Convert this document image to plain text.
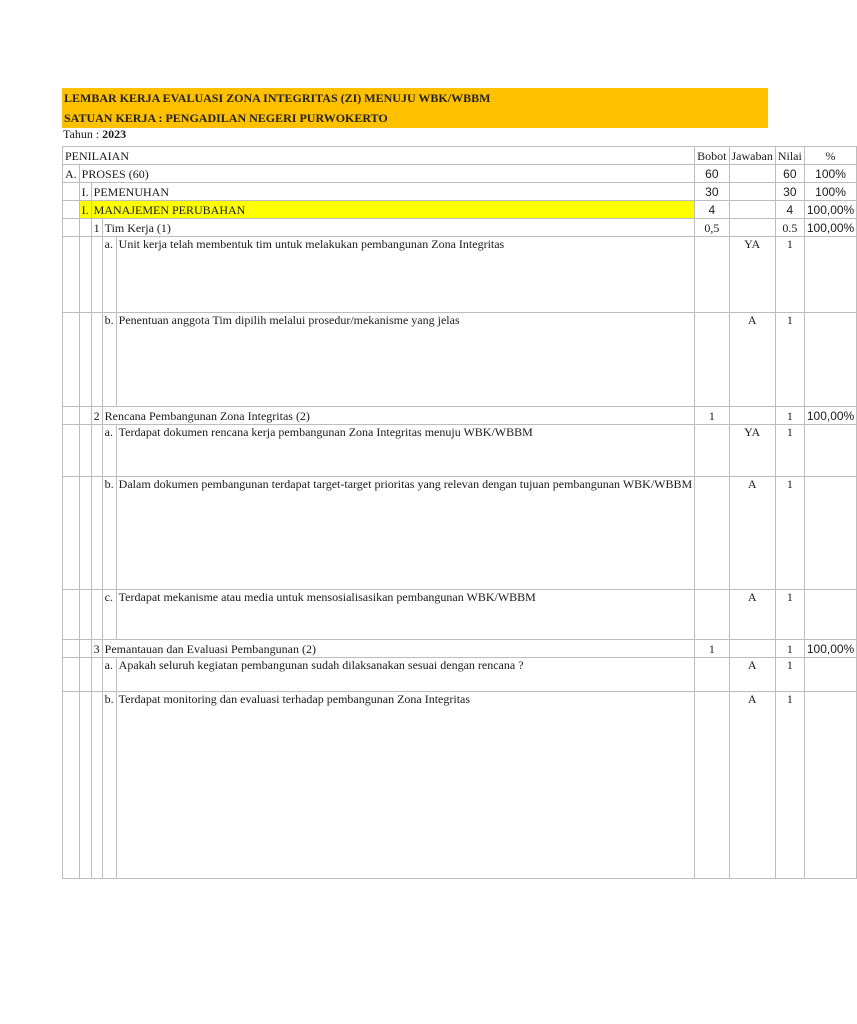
LEMBAR KERJA EVALUASI ZONA INTEGRITAS (ZI) MENUJU WBK/WBBM
SATUAN KERJA : PENGADILAN NEGERI PURWOKERTO
Tahun : 2023
PENILAIAN					Bobot	Jawaban	Nilai	%
A.	PROSES (60)				60		60	100%
	I.	PEMENUHAN			30		30	100%
	I.	MANAJEMEN PERUBAHAN			4		4	100,00%
		1	Tim Kerja (1)		0,5		0.5	100,00%
			a.	Unit kerja telah membentuk tim untuk melakukan pembangunan Zona Integritas		YA	1	
			b.	Penentuan anggota Tim dipilih melalui prosedur/mekanisme yang jelas		A	1	
		2	Rencana Pembangunan Zona Integritas (2)		1		1	100,00%
			a.	Terdapat dokumen rencana kerja pembangunan Zona Integritas menuju WBK/WBBM		YA	1	
			b.	Dalam dokumen pembangunan terdapat target-target prioritas yang relevan dengan tujuan pembangunan WBK/WBBM		A	1	
			c.	Terdapat mekanisme atau media untuk mensosialisasikan pembangunan WBK/WBBM		A	1	
		3	Pemantauan dan Evaluasi Pembangunan (2)		1		1	100,00%
			a.	Apakah seluruh kegiatan pembangunan sudah dilaksanakan sesuai dengan rencana ?		A	1	
			b.	Terdapat monitoring dan evaluasi terhadap pembangunan Zona Integritas		A	1	
